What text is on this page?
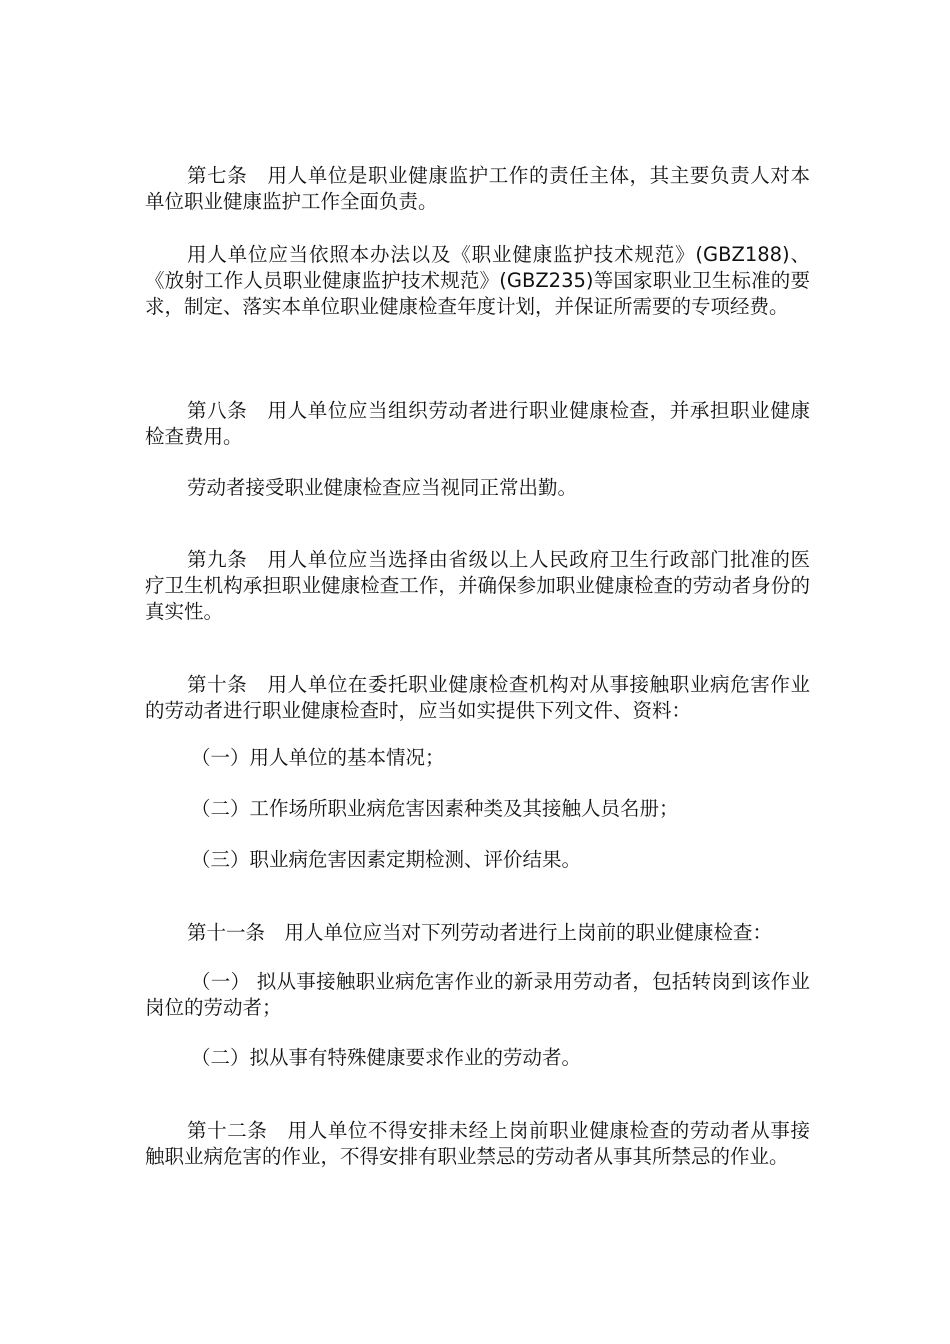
第七条　用人单位是职业健康监护工作的责任主体，其主要负责人对本单位职业健康监护工作全面负责。

用人单位应当依照本办法以及《职业健康监护技术规范》(GBZ188)、《放射工作人员职业健康监护技术规范》(GBZ235)等国家职业卫生标准的要求，制定、落实本单位职业健康检查年度计划，并保证所需要的专项经费。

第八条　用人单位应当组织劳动者进行职业健康检查，并承担职业健康检查费用。

劳动者接受职业健康检查应当视同正常出勤。

第九条　用人单位应当选择由省级以上人民政府卫生行政部门批准的医疗卫生机构承担职业健康检查工作，并确保参加职业健康检查的劳动者身份的真实性。

第十条　用人单位在委托职业健康检查机构对从事接触职业病危害作业的劳动者进行职业健康检查时，应当如实提供下列文件、资料：

（一）用人单位的基本情况；

（二）工作场所职业病危害因素种类及其接触人员名册；

（三）职业病危害因素定期检测、评价结果。

第十一条　用人单位应当对下列劳动者进行上岗前的职业健康检查：

（一） 拟从事接触职业病危害作业的新录用劳动者，包括转岗到该作业岗位的劳动者；

（二）拟从事有特殊健康要求作业的劳动者。

第十二条　用人单位不得安排未经上岗前职业健康检查的劳动者从事接触职业病危害的作业，不得安排有职业禁忌的劳动者从事其所禁忌的作业。
